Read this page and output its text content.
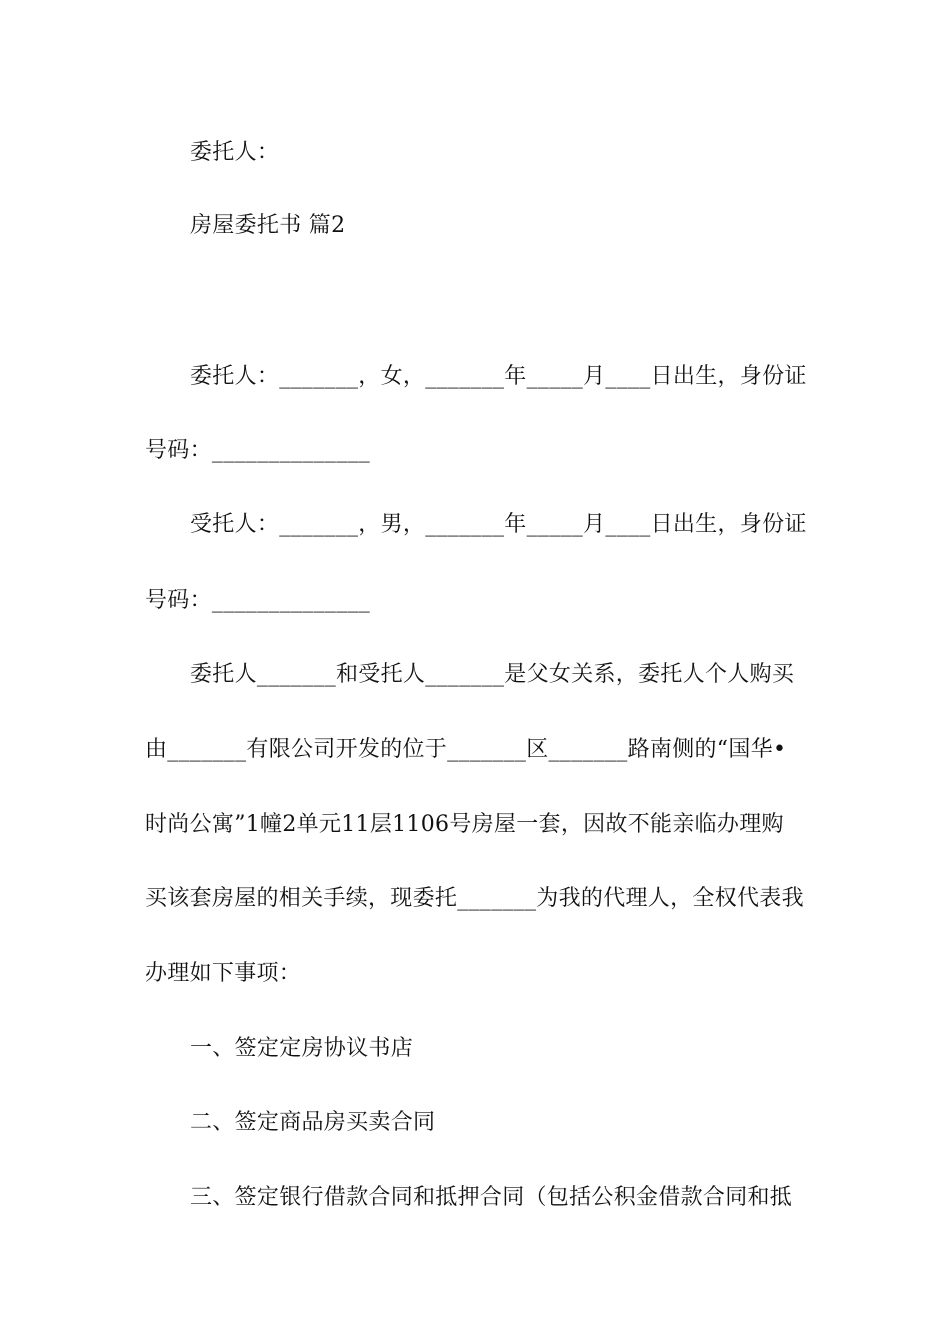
委托人：
房屋委托书 篇2
委托人：_______，女，_______年_____月____日出生，身份证
号码：______________
受托人：_______，男，_______年_____月____日出生，身份证
号码：______________
委托人_______和受托人_______是父女关系，委托人个人购买
由_______有限公司开发的位于_______区_______路南侧的“国华•
时尚公寓”1幢2单元11层1106号房屋一套，因故不能亲临办理购
买该套房屋的相关手续，现委托_______为我的代理人，全权代表我
办理如下事项：
一、签定定房协议书店
二、签定商品房买卖合同
三、签定银行借款合同和抵押合同（包括公积金借款合同和抵
